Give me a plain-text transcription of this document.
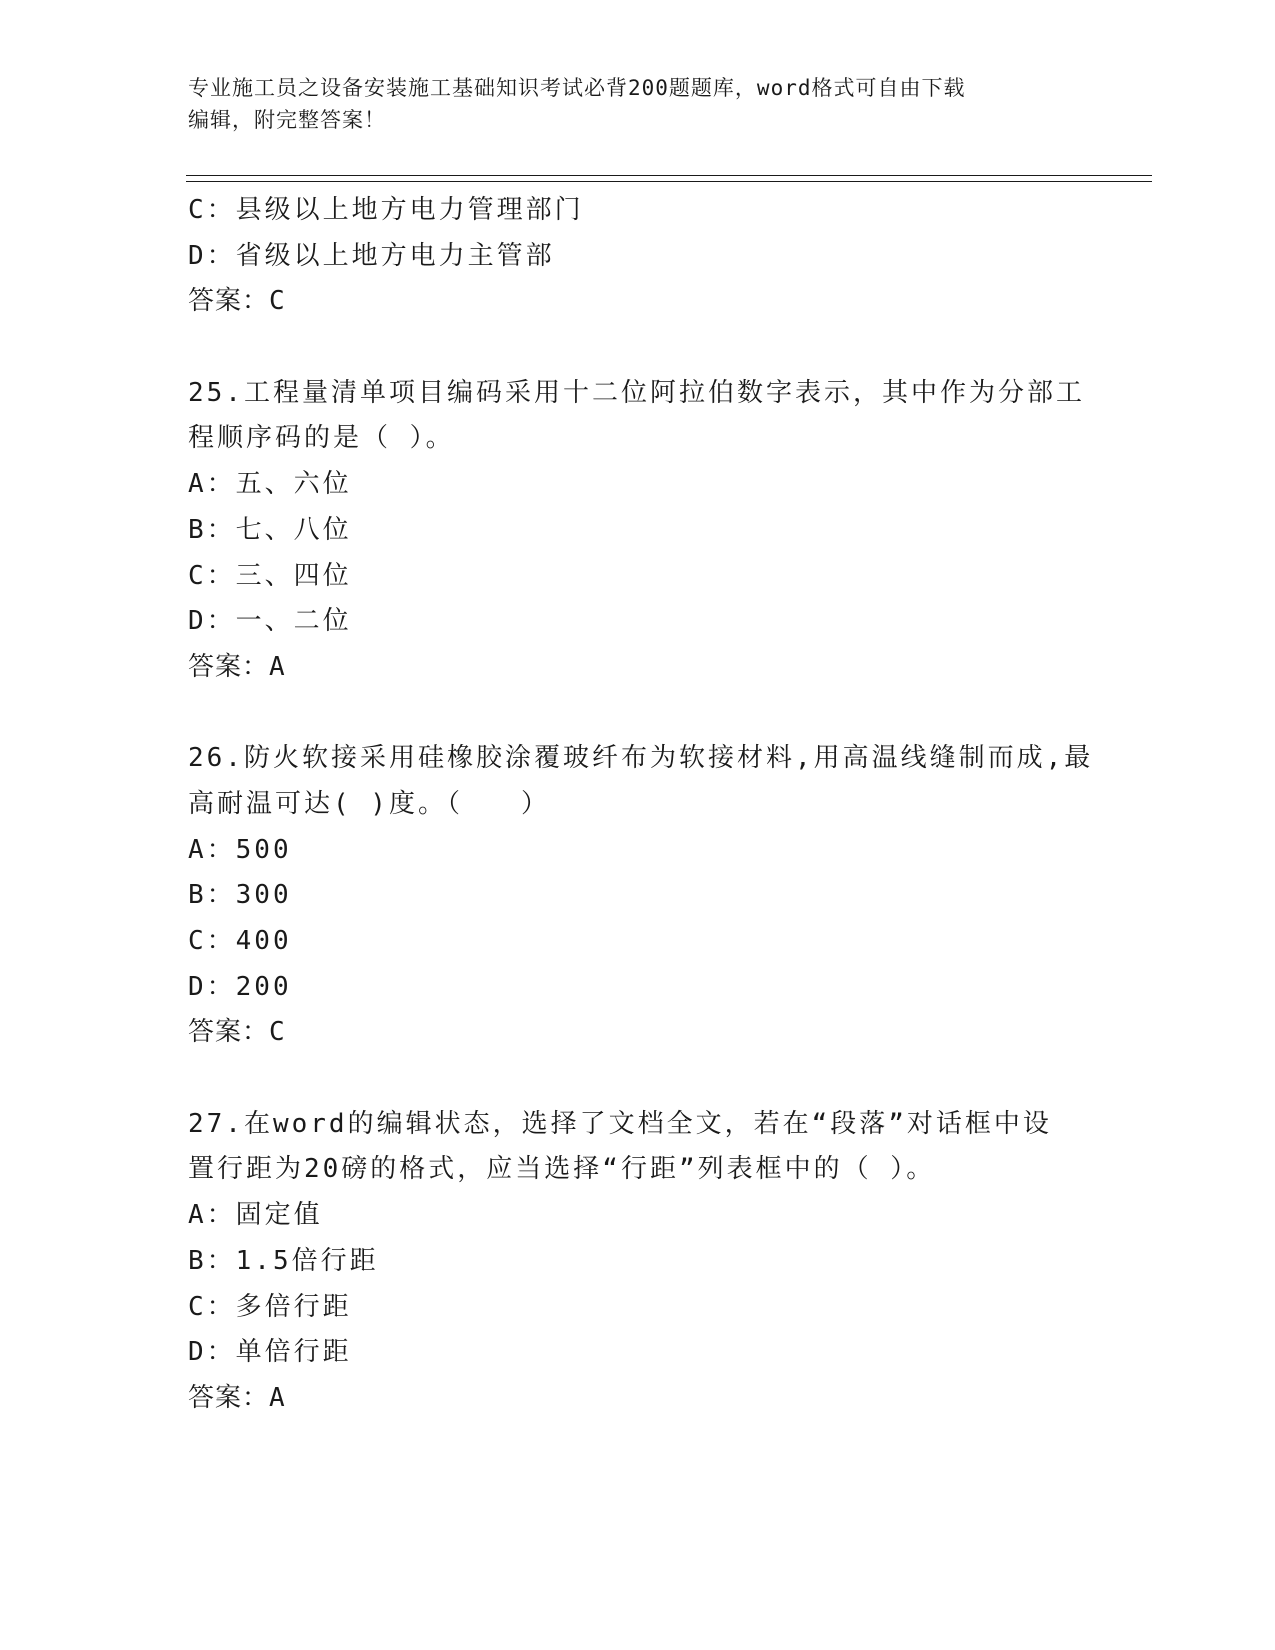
专业施工员之设备安装施工基础知识考试必背200题题库，word格式可自由下载
编辑，附完整答案！
C：县级以上地方电力管理部门
D：省级以上地方电力主管部
答案：C
25.工程量清单项目编码采用十二位阿拉伯数字表示，其中作为分部工
程顺序码的是（ ）。
A：五、六位
B：七、八位
C：三、四位
D：一、二位
答案：A
26.防火软接采用硅橡胶涂覆玻纤布为软接材料,用高温线缝制而成,最
高耐温可达( )度。（　　）
A：500
B：300
C：400
D：200
答案：C
27.在word的编辑状态，选择了文档全文，若在“段落”对话框中设
置行距为20磅的格式，应当选择“行距”列表框中的（ ）。
A：固定值
B：1.5倍行距
C：多倍行距
D：单倍行距
答案：A
